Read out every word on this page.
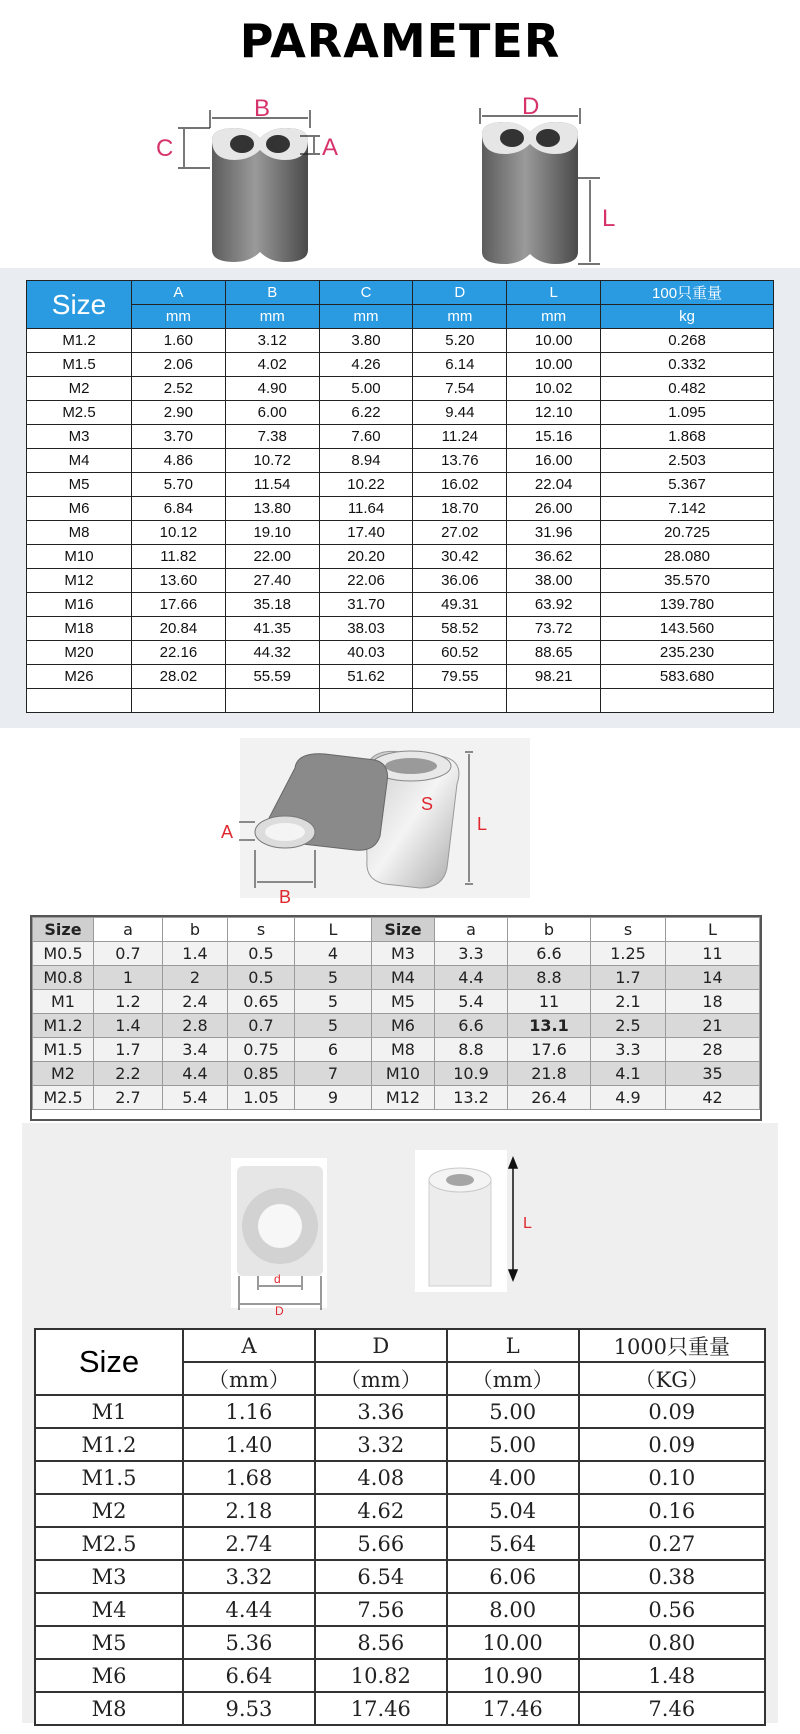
PARAMETER
B
C	A
D
L
Size	A	B	C	D	L	100只重量
	mm	mm	mm	mm	mm	kg
M1.2	1.60	3.12	3.80	5.20	10.00	0.268
M1.5	2.06	4.02	4.26	6.14	10.00	0.332
M2	2.52	4.90	5.00	7.54	10.02	0.482
M2.5	2.90	6.00	6.22	9.44	12.10	1.095
M3	3.70	7.38	7.60	11.24	15.16	1.868
M4	4.86	10.72	8.94	13.76	16.00	2.503
M5	5.70	11.54	10.22	16.02	22.04	5.367
M6	6.84	13.80	11.64	18.70	26.00	7.142
M8	10.12	19.10	17.40	27.02	31.96	20.725
M10	11.82	22.00	20.20	30.42	36.62	28.080
M12	13.60	27.40	22.06	36.06	38.00	35.570
M16	17.66	35.18	31.70	49.31	63.92	139.780
M18	20.84	41.35	38.03	58.52	73.72	143.560
M20	22.16	44.32	40.03	60.52	88.65	235.230
M26	28.02	55.59	51.62	79.55	98.21	583.680

A
B
S
L
Size	a	b	s	L	Size	a	b	s	L
M0.5	0.7	1.4	0.5	4	M3	3.3	6.6	1.25	11
M0.8	1	2	0.5	5	M4	4.4	8.8	1.7	14
M1	1.2	2.4	0.65	5	M5	5.4	11	2.1	18
M1.2	1.4	2.8	0.7	5	M6	6.6	13.1	2.5	21
M1.5	1.7	3.4	0.75	6	M8	8.8	17.6	3.3	28
M2	2.2	4.4	0.85	7	M10	10.9	21.8	4.1	35
M2.5	2.7	5.4	1.05	9	M12	13.2	26.4	4.9	42
d
D
L
Size	A	D	L	1000只重量
	（mm）	（mm）	（mm）	（KG）
M1	1.16	3.36	5.00	0.09
M1.2	1.40	3.32	5.00	0.09
M1.5	1.68	4.08	4.00	0.10
M2	2.18	4.62	5.04	0.16
M2.5	2.74	5.66	5.64	0.27
M3	3.32	6.54	6.06	0.38
M4	4.44	7.56	8.00	0.56
M5	5.36	8.56	10.00	0.80
M6	6.64	10.82	10.90	1.48
M8	9.53	17.46	17.46	7.46
